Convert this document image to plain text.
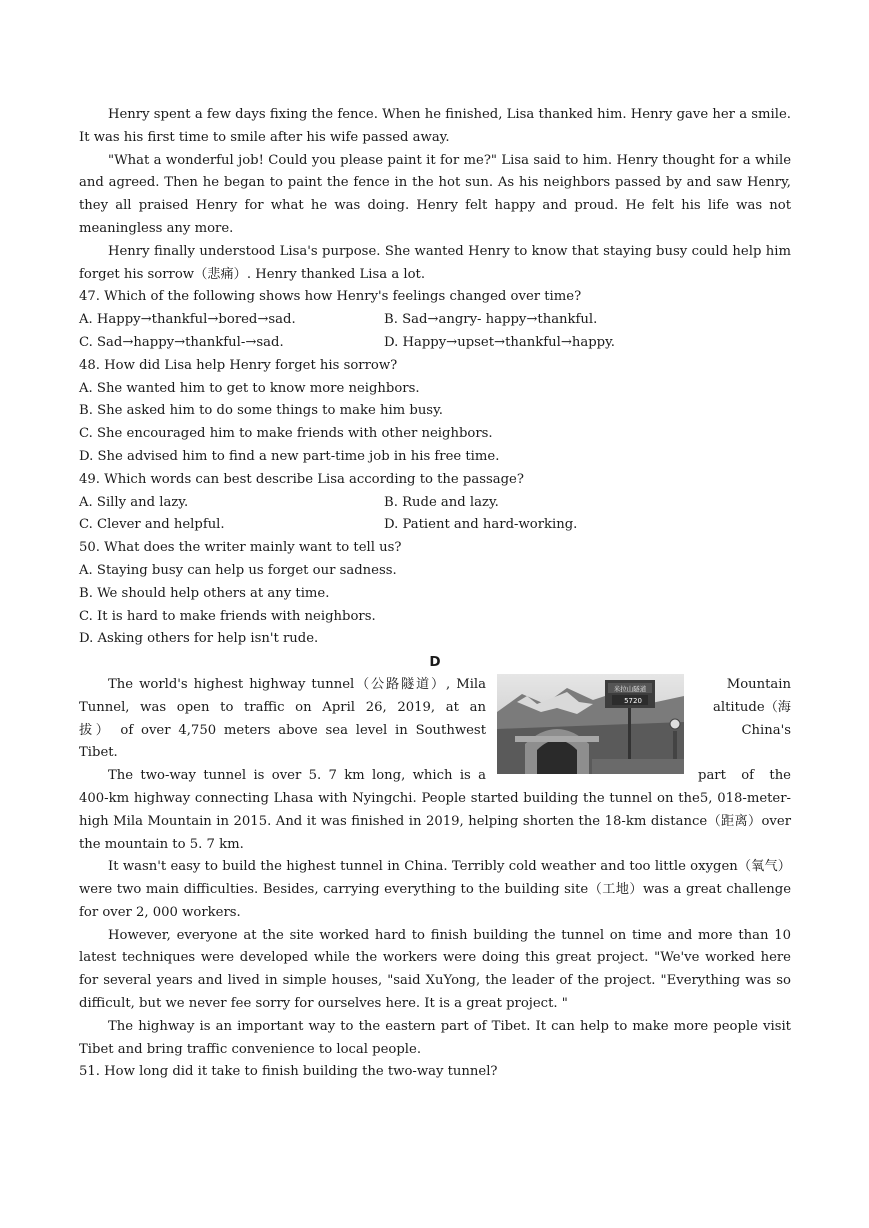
Henry spent a few days fixing the fence. When he finished, Lisa thanked him. Henry gave her a smile. It was his first time to smile after his wife passed away.

"What a wonderful job! Could you please paint it for me?" Lisa said to him. Henry thought for a while and agreed. Then he began to paint the fence in the hot sun. As his neighbors passed by and saw Henry, they all praised Henry for what he was doing. Henry felt happy and proud. He felt his life was not meaningless any more.

Henry finally understood Lisa's purpose. She wanted Henry to know that staying busy could help him forget his sorrow（悲痛）. Henry thanked Lisa a lot.

47. Which of the following shows how Henry's feelings changed over time?

A. Happy→thankful→bored→sad.	B. Sad→angry- happy→thankful.
C. Sad→happy→thankful-→sad.	D. Happy→upset→thankful→happy.

48. How did Lisa help Henry forget his sorrow?

A. She wanted him to get to know more neighbors.

B. She asked him to do some things to make him busy.

C. She encouraged him to make friends with other neighbors.

D. She advised him to find a new part-time job in his free time.

49. Which words can best describe Lisa according to the passage?

A. Silly and lazy.	B. Rude and lazy.
C. Clever and helpful.	D. Patient and hard-working.

50. What does the writer mainly want to tell us?

A. Staying busy can help us forget our sadness.

B. We should help others at any time.

C. It is hard to make friends with neighbors.

D. Asking others for help isn't rude.

D

The world's highest highway tunnel（公路隧道）, Mila	Mountain
Tunnel, was open to traffic on April 26, 2019, at an	altitude（海
拔） of over 4,750 meters above sea level in Southwest	China's
Tibet.
The two-way tunnel is over 5. 7 km long, which is a	part of the
米拉山隧道
5720

400-km highway connecting Lhasa with Nyingchi. People started building the tunnel on the5, 018-meter-high Mila Mountain in 2015. And it was finished in 2019, helping shorten the 18-km distance（距离）over the mountain to 5. 7 km.

It wasn't easy to build the highest tunnel in China. Terribly cold weather and too little oxygen（氧气）were two main difficulties. Besides, carrying everything to the building site（工地）was a great challenge for over 2, 000 workers.

However, everyone at the site worked hard to finish building the tunnel on time and more than 10 latest techniques were developed while the workers were doing this great project. "We've worked here for several years and lived in simple houses, "said XuYong, the leader of the project. "Everything was so difficult, but we never fee sorry for ourselves here. It is a great project. "

The highway is an important way to the eastern part of Tibet. It can help to make more people visit Tibet and bring traffic convenience to local people.

51. How long did it take to finish building the two-way tunnel?
